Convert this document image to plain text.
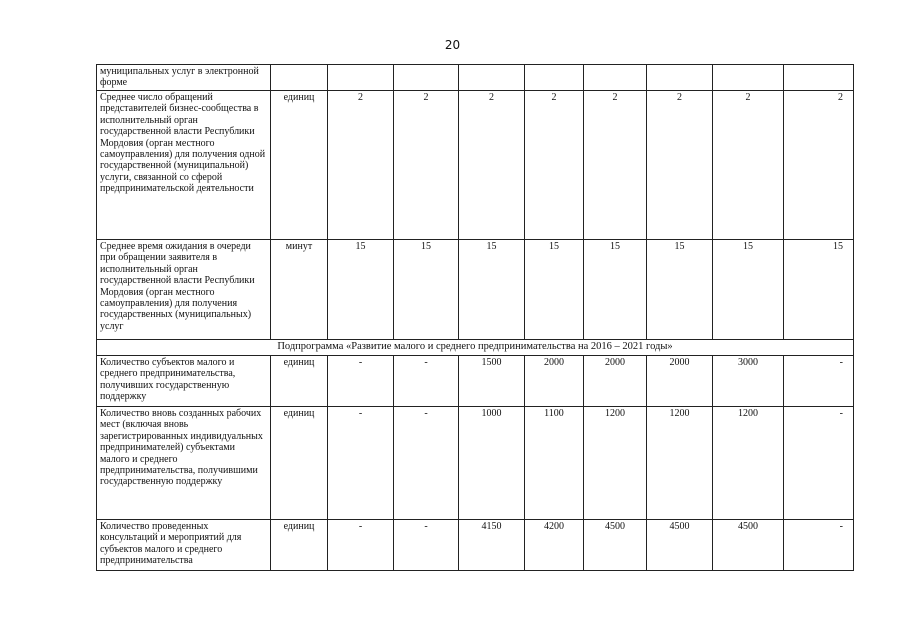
20
муниципальных услуг в электронной форме									
Среднее число обращений представителей бизнес-сообщества в исполнительный орган государственной власти Республики Мордовия (орган местного самоуправления) для получения одной государственной (муниципальной) услуги, связанной со сферой предпринимательской деятельности	единиц	2	2	2	2	2	2	2	2
Среднее время ожидания в очереди при обращении заявителя в исполнительный орган государственной власти Республики Мордовия (орган местного самоуправления) для получения государственных (муниципальных) услуг	минут	15	15	15	15	15	15	15	15
Подпрограмма «Развитие малого и среднего предпринимательства на 2016 – 2021 годы»									
Количество субъектов малого и среднего предпринимательства, получивших государственную поддержку	единиц	-	-	1500	2000	2000	2000	3000	-
Количество вновь созданных рабочих мест (включая вновь зарегистрированных индивидуальных предпринимателей) субъектами малого и среднего предпринимательства, получившими государственную поддержку	единиц	-	-	1000	1100	1200	1200	1200	-
Количество проведенных консультаций и мероприятий для субъектов малого и среднего предпринимательства	единиц	-	-	4150	4200	4500	4500	4500	-
